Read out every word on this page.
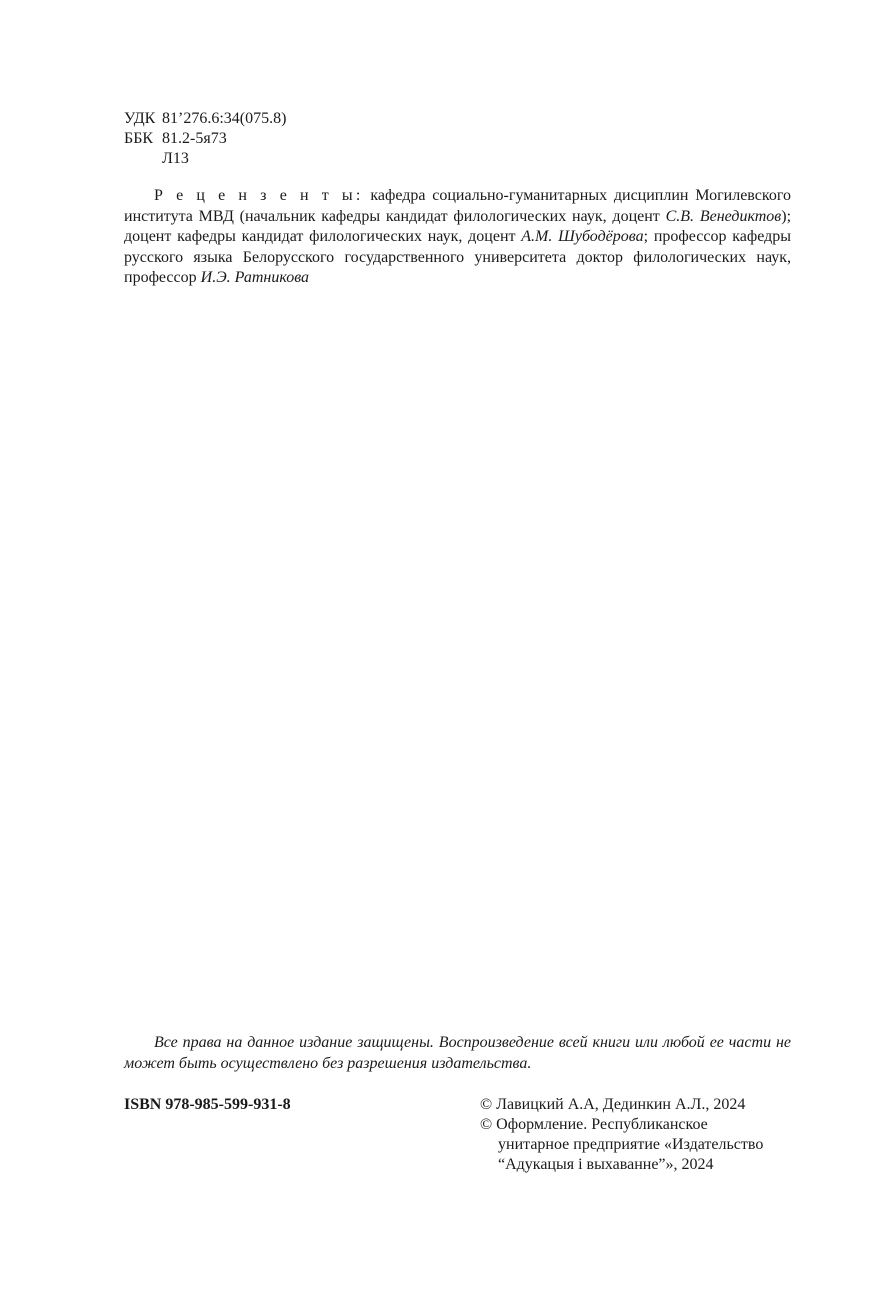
УДК 81’276.6:34(075.8)
ББК 81.2-5я73
Л13

Р е ц е н з е н т ы: кафедра социально-гуманитарных дисциплин Могилевского института МВД (начальник кафедры кандидат филологических наук, доцент С.В. Венедиктов); доцент кафедры кандидат филологических наук, доцент А.М. Шубодёрова; профессор кафедры русского языка Белорусского государственного университета доктор филологических наук, профессор И.Э. Ратникова

Все права на данное издание защищены. Воспроизведение всей книги или любой ее части не может быть осуществлено без разрешения издательства.

ISBN 978-985-599-931-8	© Лавицкий А.А, Дединкин А.Л., 2024
© Оформление. Республиканское
унитарное предприятие «Издательство
“Адукацыя і выхаванне”», 2024
